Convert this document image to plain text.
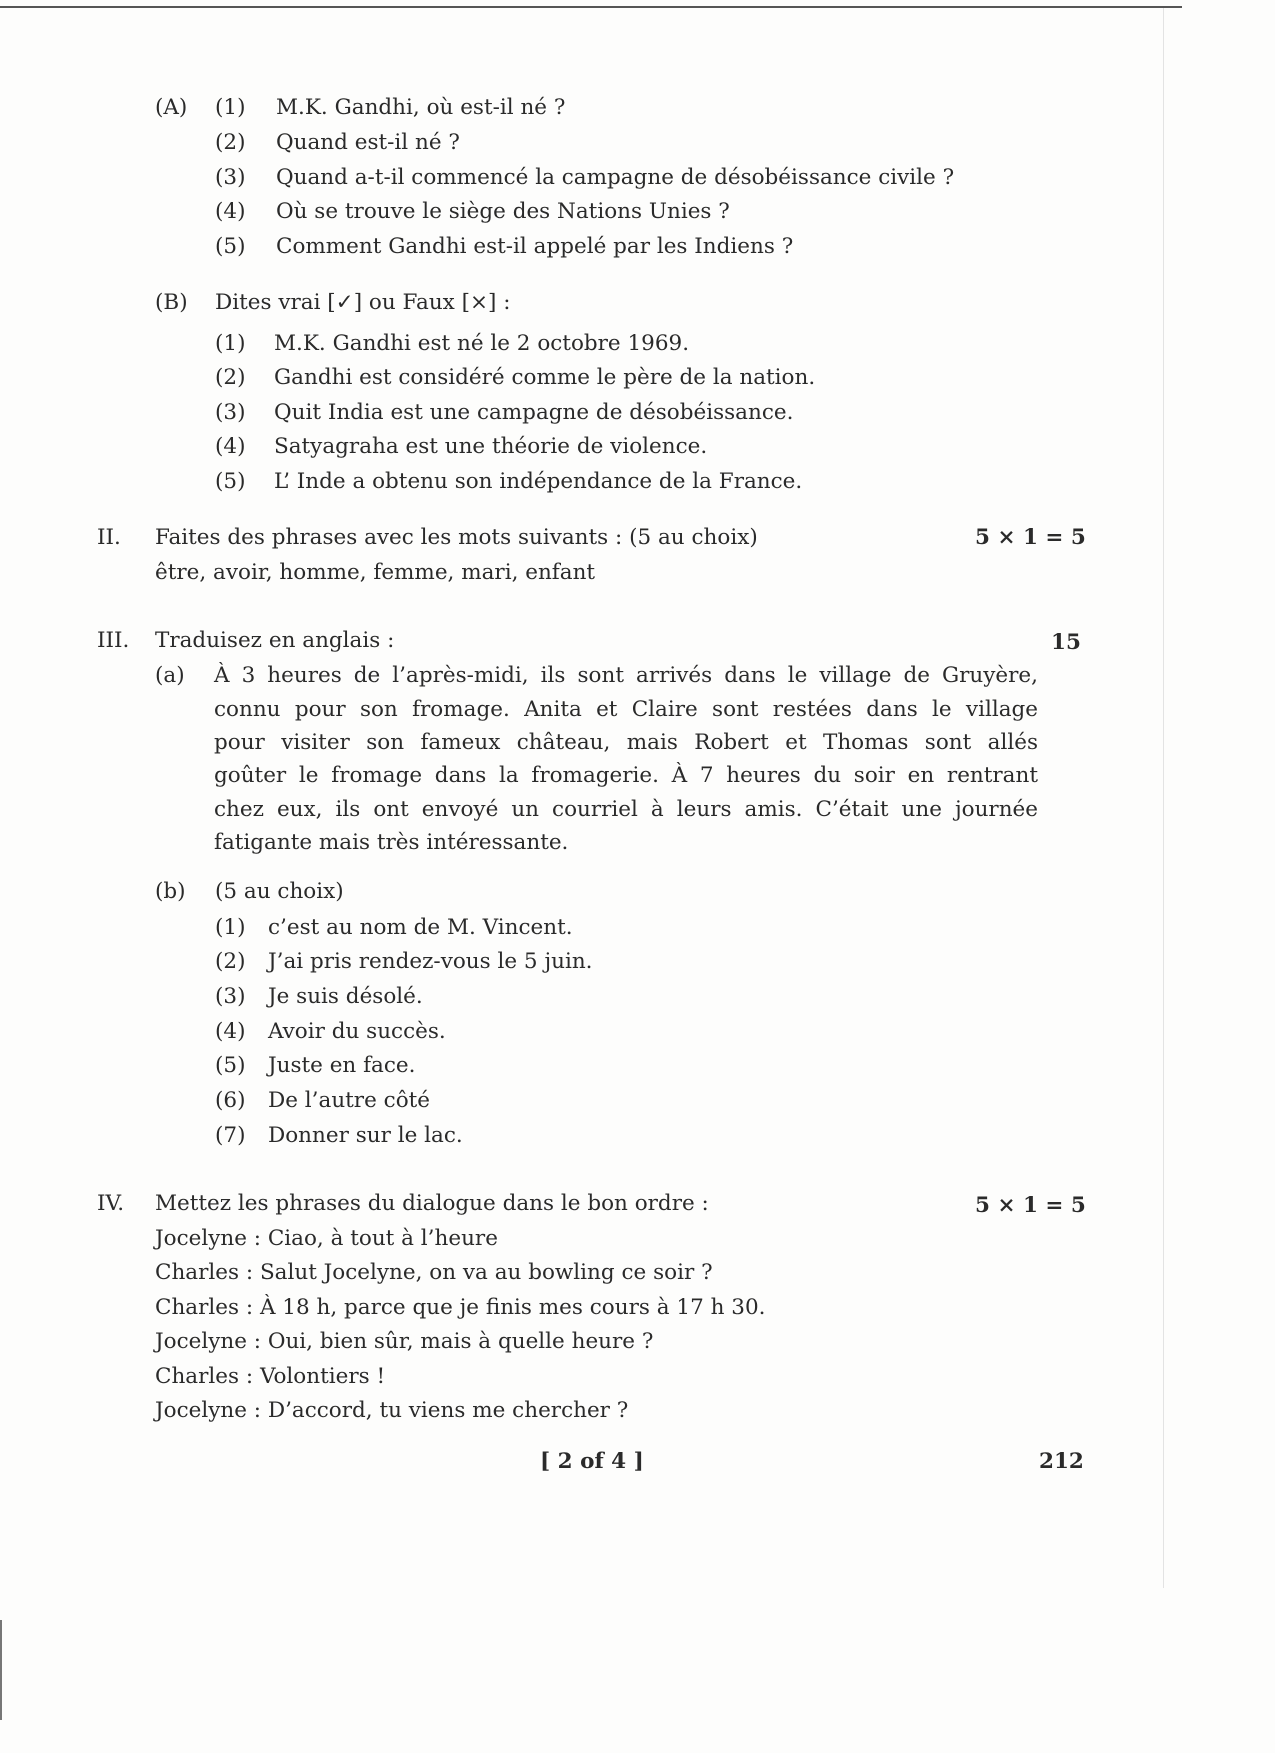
(A) (1) M.K. Gandhi, où est-il né ?
(2) Quand est-il né ?
(3) Quand a-t-il commencé la campagne de désobéissance civile ?
(4) Où se trouve le siège des Nations Unies ?
(5) Comment Gandhi est-il appelé par les Indiens ?
(B) Dites vrai [✓] ou Faux [×] :
(1) M.K. Gandhi est né le 2 octobre 1969.
(2) Gandhi est considéré comme le père de la nation.
(3) Quit India est une campagne de désobéissance.
(4) Satyagraha est une théorie de violence.
(5) L’ Inde a obtenu son indépendance de la France.
II. Faites des phrases avec les mots suivants : (5 au choix)	5 × 1 = 5
être, avoir, homme, femme, mari, enfant
III. Traduisez en anglais :	15
(a) À 3 heures de l’après-midi, ils sont arrivés dans le village de Gruyère,
connu pour son fromage. Anita et Claire sont restées dans le village
pour visiter son fameux château, mais Robert et Thomas sont allés
goûter le fromage dans la fromagerie. À 7 heures du soir en rentrant
chez eux, ils ont envoyé un courriel à leurs amis. C’était une journée
fatigante mais très intéressante.
(b) (5 au choix)
(1) c’est au nom de M. Vincent.
(2) J’ai pris rendez-vous le 5 juin.
(3) Je suis désolé.
(4) Avoir du succès.
(5) Juste en face.
(6) De l’autre côté
(7) Donner sur le lac.
IV. Mettez les phrases du dialogue dans le bon ordre :	5 × 1 = 5
Jocelyne : Ciao, à tout à l’heure
Charles : Salut Jocelyne, on va au bowling ce soir ?
Charles : À 18 h, parce que je finis mes cours à 17 h 30.
Jocelyne : Oui, bien sûr, mais à quelle heure ?
Charles : Volontiers !
Jocelyne : D’accord, tu viens me chercher ?
[ 2 of 4 ]	212
